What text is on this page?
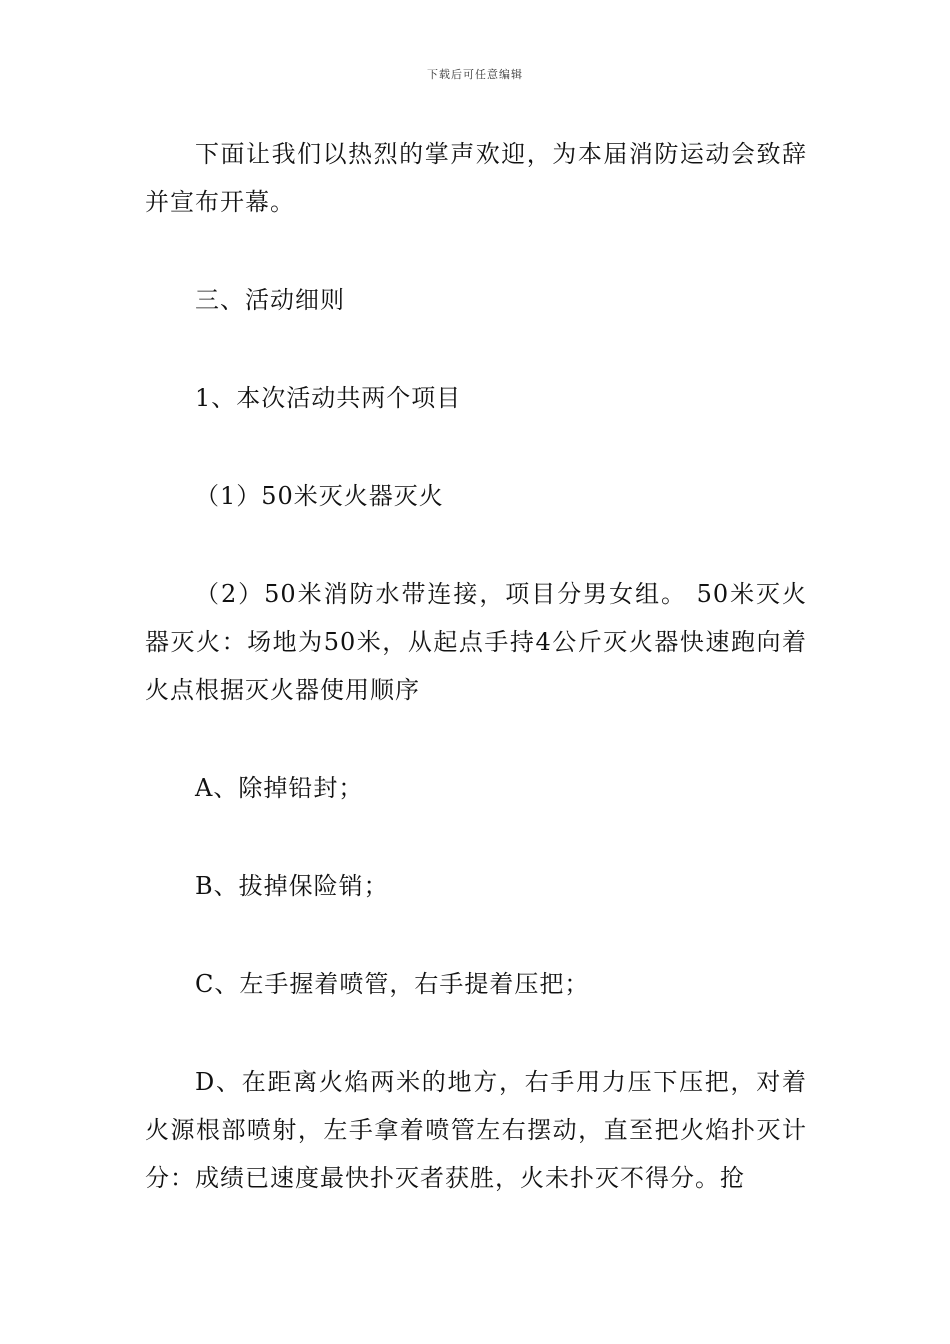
下载后可任意编辑

下面让我们以热烈的掌声欢迎，为本届消防运动会致辞并宣布开幕。

三、活动细则

1、本次活动共两个项目

（1）50米灭火器灭火

（2）50米消防水带连接，项目分男女组。 50米灭火器灭火：场地为50米，从起点手持4公斤灭火器快速跑向着火点根据灭火器使用顺序

A、除掉铅封；

B、拔掉保险销；

C、左手握着喷管，右手提着压把；

D、在距离火焰两米的地方，右手用力压下压把，对着火源根部喷射，左手拿着喷管左右摆动，直至把火焰扑灭计分：成绩已速度最快扑灭者获胜，火未扑灭不得分。抢
